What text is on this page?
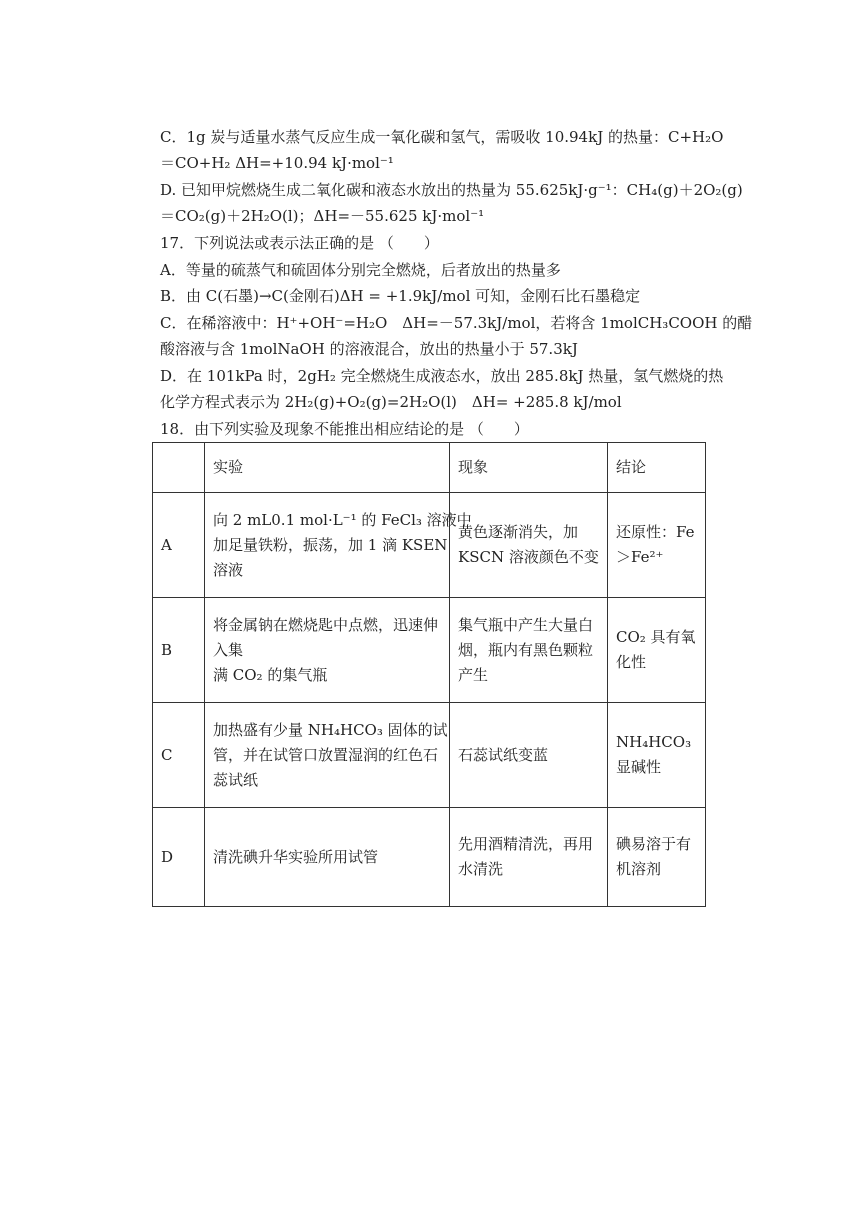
C．1g 炭与适量水蒸气反应生成一氧化碳和氢气，需吸收 10.94kJ 的热量：C+H₂O
＝CO+H₂ ΔH=+10.94 kJ·mol⁻¹
D. 已知甲烷燃烧生成二氧化碳和液态水放出的热量为 55.625kJ·g⁻¹：CH₄(g)＋2O₂(g)
＝CO₂(g)＋2H₂O(l)；ΔH=－55.625 kJ·mol⁻¹
17．下列说法或表示法正确的是 （　　）
A．等量的硫蒸气和硫固体分别完全燃烧，后者放出的热量多
B．由 C(石墨)→C(金刚石)ΔH = +1.9kJ/mol 可知，金刚石比石墨稳定
C．在稀溶液中：H⁺+OH⁻=H₂O　ΔH=－57.3kJ/mol，若将含 1molCH₃COOH 的醋
酸溶液与含 1molNaOH 的溶液混合，放出的热量小于 57.3kJ
D．在 101kPa 时，2gH₂ 完全燃烧生成液态水，放出 285.8kJ 热量，氢气燃烧的热
化学方程式表示为 2H₂(g)+O₂(g)=2H₂O(l)　ΔH= +285.8 kJ/mol
18．由下列实验及现象不能推出相应结论的是 （　　）
	实验	现象	结论
A	向 2 mL0.1 mol·L⁻¹ 的 FeCl₃ 溶液中
加足量铁粉，振荡，加 1 滴 KSEN
溶液	黄色逐渐消失，加
KSCN 溶液颜色不变	还原性：Fe
＞Fe²⁺

B	将金属钠在燃烧匙中点燃，迅速伸
入集
满 CO₂ 的集气瓶	集气瓶中产生大量白
烟，瓶内有黑色颗粒
产生	CO₂ 具有氧
化性

C	加热盛有少量 NH₄HCO₃ 固体的试
管，并在试管口放置湿润的红色石
蕊试纸	石蕊试纸变蓝	NH₄HCO₃
显碱性

D	清洗碘升华实验所用试管	先用酒精清洗，再用
水清洗	碘易溶于有
机溶剂
